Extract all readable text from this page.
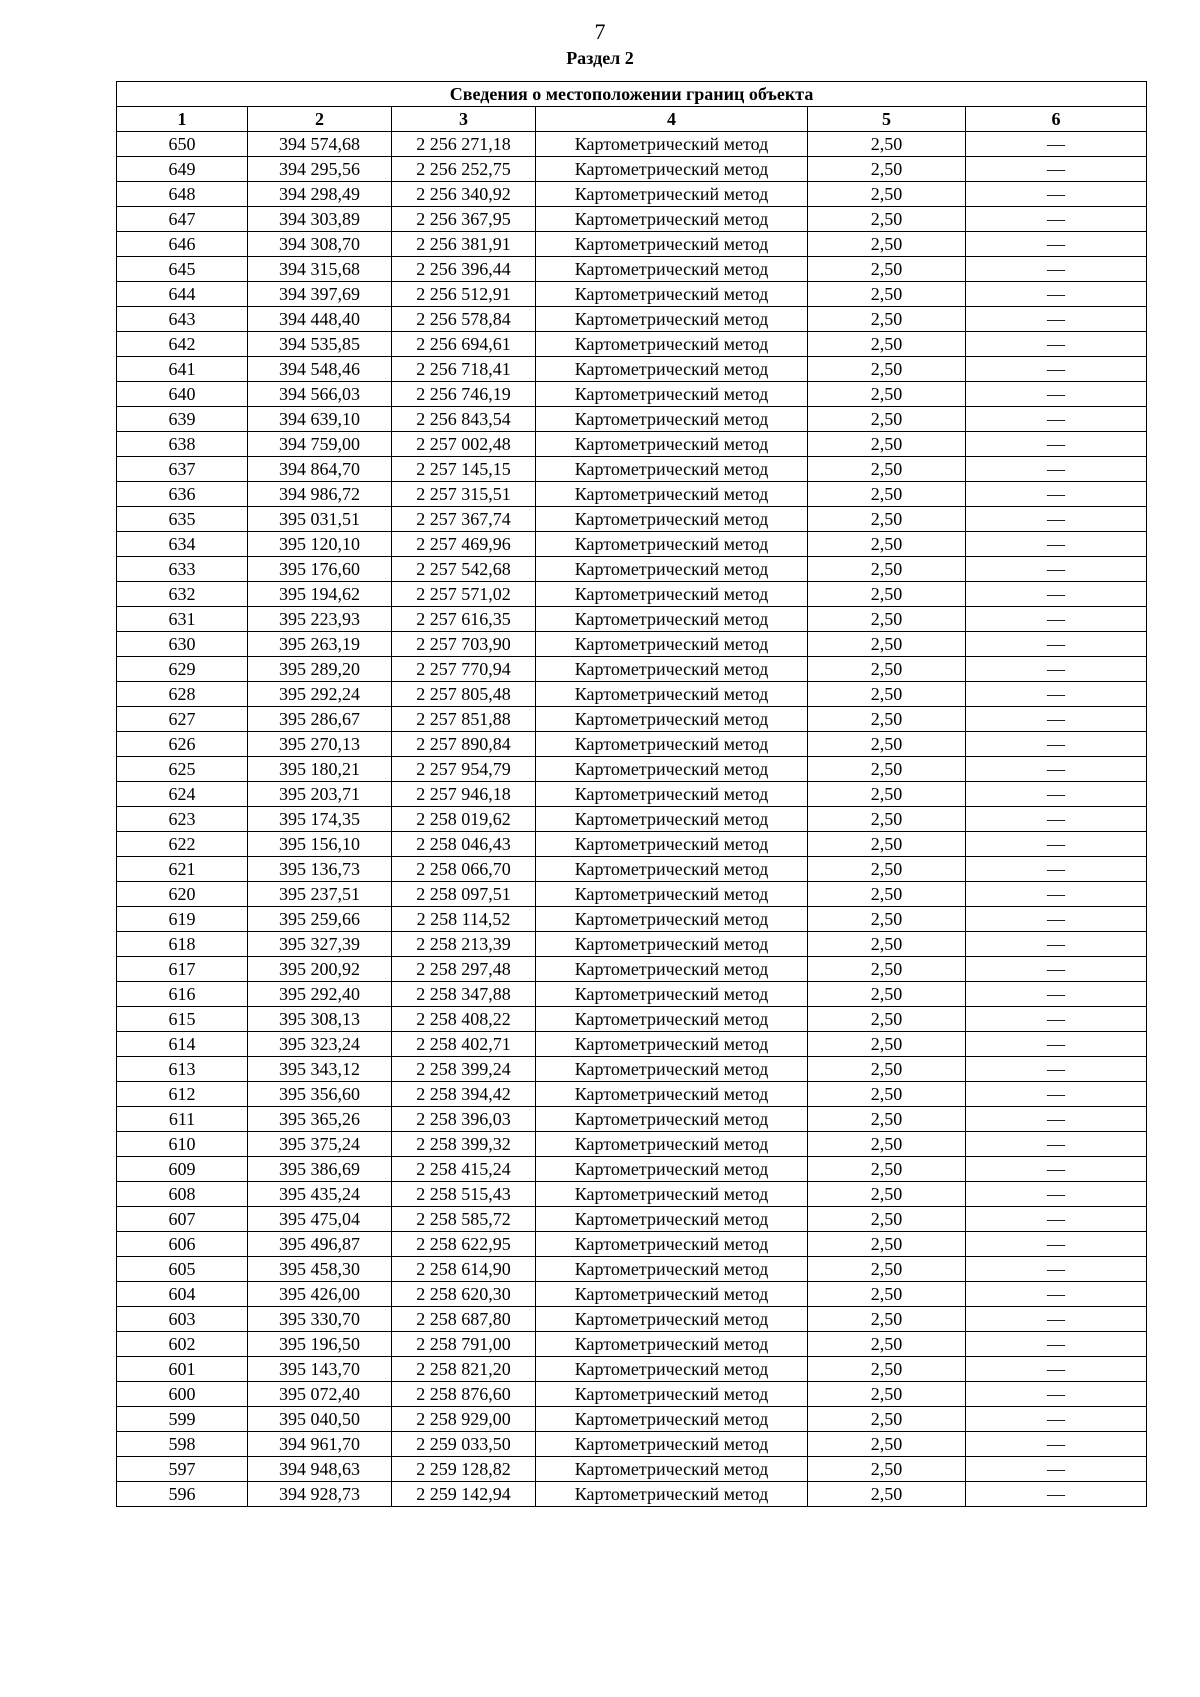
7
Раздел 2
Сведения о местоположении границ объекта					
1	2	3	4	5	6
650	394 574,68	2 256 271,18	Картометрический метод	2,50	—
649	394 295,56	2 256 252,75	Картометрический метод	2,50	—
648	394 298,49	2 256 340,92	Картометрический метод	2,50	—
647	394 303,89	2 256 367,95	Картометрический метод	2,50	—
646	394 308,70	2 256 381,91	Картометрический метод	2,50	—
645	394 315,68	2 256 396,44	Картометрический метод	2,50	—
644	394 397,69	2 256 512,91	Картометрический метод	2,50	—
643	394 448,40	2 256 578,84	Картометрический метод	2,50	—
642	394 535,85	2 256 694,61	Картометрический метод	2,50	—
641	394 548,46	2 256 718,41	Картометрический метод	2,50	—
640	394 566,03	2 256 746,19	Картометрический метод	2,50	—
639	394 639,10	2 256 843,54	Картометрический метод	2,50	—
638	394 759,00	2 257 002,48	Картометрический метод	2,50	—
637	394 864,70	2 257 145,15	Картометрический метод	2,50	—
636	394 986,72	2 257 315,51	Картометрический метод	2,50	—
635	395 031,51	2 257 367,74	Картометрический метод	2,50	—
634	395 120,10	2 257 469,96	Картометрический метод	2,50	—
633	395 176,60	2 257 542,68	Картометрический метод	2,50	—
632	395 194,62	2 257 571,02	Картометрический метод	2,50	—
631	395 223,93	2 257 616,35	Картометрический метод	2,50	—
630	395 263,19	2 257 703,90	Картометрический метод	2,50	—
629	395 289,20	2 257 770,94	Картометрический метод	2,50	—
628	395 292,24	2 257 805,48	Картометрический метод	2,50	—
627	395 286,67	2 257 851,88	Картометрический метод	2,50	—
626	395 270,13	2 257 890,84	Картометрический метод	2,50	—
625	395 180,21	2 257 954,79	Картометрический метод	2,50	—
624	395 203,71	2 257 946,18	Картометрический метод	2,50	—
623	395 174,35	2 258 019,62	Картометрический метод	2,50	—
622	395 156,10	2 258 046,43	Картометрический метод	2,50	—
621	395 136,73	2 258 066,70	Картометрический метод	2,50	—
620	395 237,51	2 258 097,51	Картометрический метод	2,50	—
619	395 259,66	2 258 114,52	Картометрический метод	2,50	—
618	395 327,39	2 258 213,39	Картометрический метод	2,50	—
617	395 200,92	2 258 297,48	Картометрический метод	2,50	—
616	395 292,40	2 258 347,88	Картометрический метод	2,50	—
615	395 308,13	2 258 408,22	Картометрический метод	2,50	—
614	395 323,24	2 258 402,71	Картометрический метод	2,50	—
613	395 343,12	2 258 399,24	Картометрический метод	2,50	—
612	395 356,60	2 258 394,42	Картометрический метод	2,50	—
611	395 365,26	2 258 396,03	Картометрический метод	2,50	—
610	395 375,24	2 258 399,32	Картометрический метод	2,50	—
609	395 386,69	2 258 415,24	Картометрический метод	2,50	—
608	395 435,24	2 258 515,43	Картометрический метод	2,50	—
607	395 475,04	2 258 585,72	Картометрический метод	2,50	—
606	395 496,87	2 258 622,95	Картометрический метод	2,50	—
605	395 458,30	2 258 614,90	Картометрический метод	2,50	—
604	395 426,00	2 258 620,30	Картометрический метод	2,50	—
603	395 330,70	2 258 687,80	Картометрический метод	2,50	—
602	395 196,50	2 258 791,00	Картометрический метод	2,50	—
601	395 143,70	2 258 821,20	Картометрический метод	2,50	—
600	395 072,40	2 258 876,60	Картометрический метод	2,50	—
599	395 040,50	2 258 929,00	Картометрический метод	2,50	—
598	394 961,70	2 259 033,50	Картометрический метод	2,50	—
597	394 948,63	2 259 128,82	Картометрический метод	2,50	—
596	394 928,73	2 259 142,94	Картометрический метод	2,50	—
